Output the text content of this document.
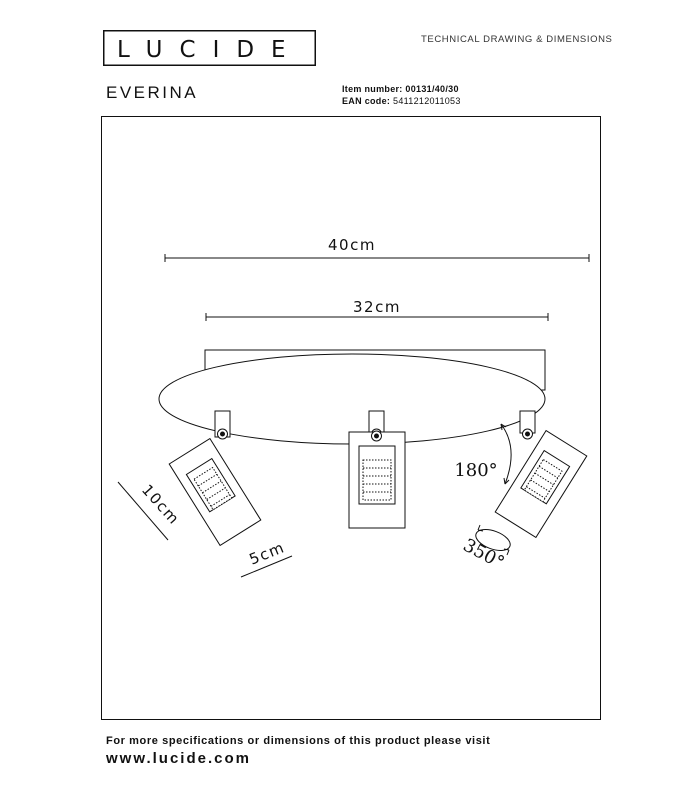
LUCIDE	TECHNICAL DRAWING & DIMENSIONS
EVERINA	Item number: 00131/40/30
EAN code: 5411212011053
40cm
32cm
10cm
5cm
180°
350°
For more specifications or dimensions of this product please visit
www.lucide.com
